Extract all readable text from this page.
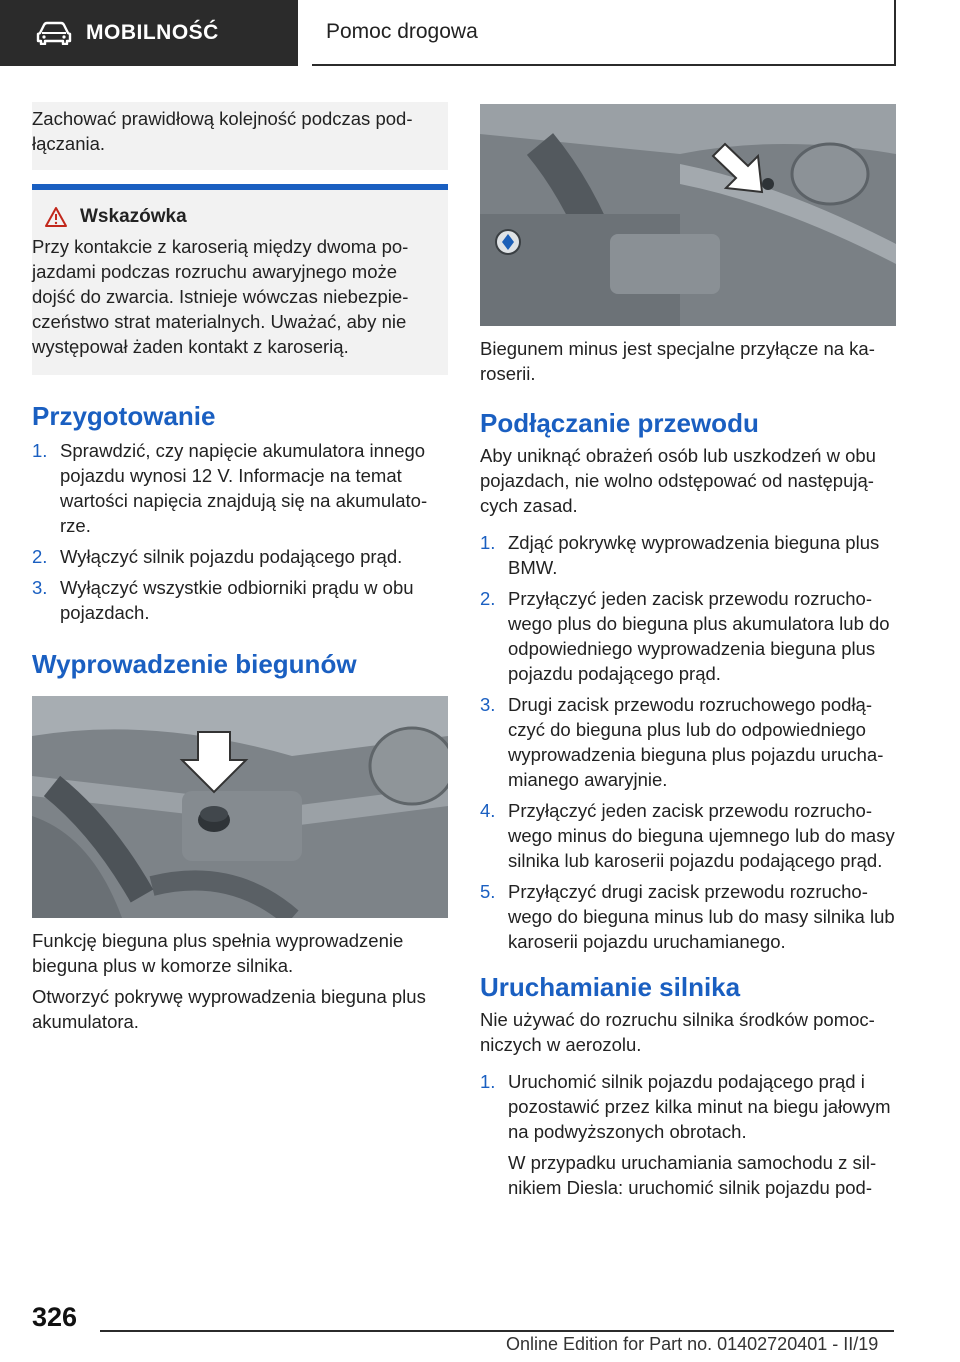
MOBILNOŚĆ	Pomoc drogowa

Zachować prawidłową kolejność podczas podłączania.

Wskazówka

Przy kontakcie z karoserią między dwoma pojazdami podczas rozruchu awaryjnego może dojść do zwarcia. Istnieje wówczas niebezpieczeństwo strat materialnych. Uważać, aby nie występował żaden kontakt z karoserią.

Przygotowanie
1. Sprawdzić, czy napięcie akumulatora innego pojazdu wynosi 12 V. Informacje na temat wartości napięcia znajdują się na akumulatorze.
2. Wyłączyć silnik pojazdu podającego prąd.
3. Wyłączyć wszystkie odbiorniki prądu w obu pojazdach.
Wyprowadzenie biegunów

Funkcję bieguna plus spełnia wyprowadzenie bieguna plus w komorze silnika.

Otworzyć pokrywę wyprowadzenia bieguna plus akumulatora.

Biegunem minus jest specjalne przyłącze na karoserii.

Podłączanie przewodu

Aby uniknąć obrażeń osób lub uszkodzeń w obu pojazdach, nie wolno odstępować od następujących zasad.

1. Zdjąć pokrywkę wyprowadzenia bieguna plus BMW.
2. Przyłączyć jeden zacisk przewodu rozruchowego plus do bieguna plus akumulatora lub do odpowiedniego wyprowadzenia bieguna plus pojazdu podającego prąd.
3. Drugi zacisk przewodu rozruchowego podłączyć do bieguna plus lub do odpowiedniego wyprowadzenia bieguna plus pojazdu uruchamianego awaryjnie.
4. Przyłączyć jeden zacisk przewodu rozruchowego minus do bieguna ujemnego lub do masy silnika lub karoserii pojazdu podającego prąd.
5. Przyłączyć drugi zacisk przewodu rozruchowego do bieguna minus lub do masy silnika lub karoserii pojazdu uruchamianego.
Uruchamianie silnika

Nie używać do rozruchu silnika środków pomocniczych w aerozolu.

1. Uruchomić silnik pojazdu podającego prąd i pozostawić przez kilka minut na biegu jałowym na podwyższonych obrotach.

W przypadku uruchamiania samochodu z silnikiem Diesla: uruchomić silnik pojazdu pod-

326
Online Edition for Part no. 01402720401 - II/19
